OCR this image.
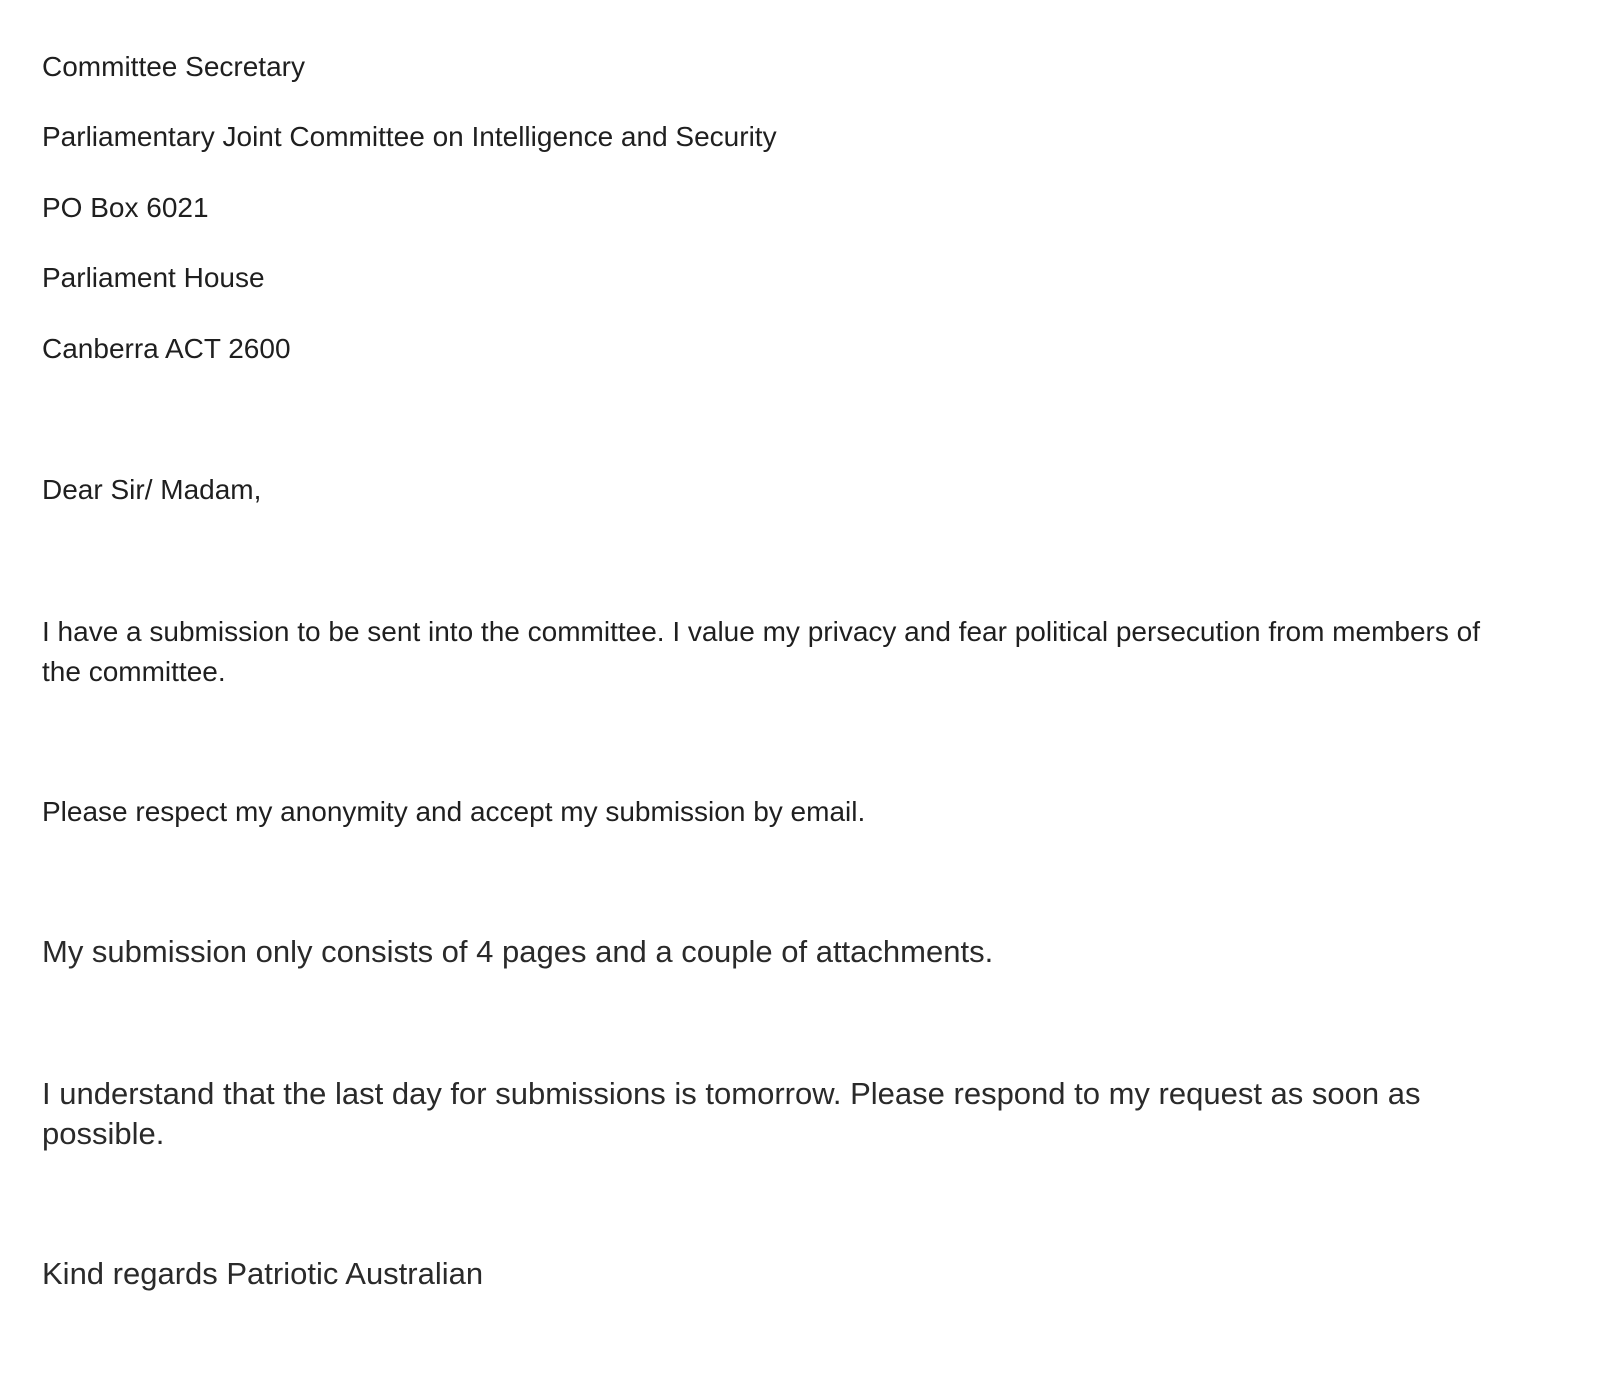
Committee Secretary
Parliamentary Joint Committee on Intelligence and Security
PO Box 6021
Parliament House
Canberra ACT 2600
Dear Sir/ Madam,
I have a submission to be sent into the committee. I value my privacy and fear political persecution from members of the committee.
Please respect my anonymity and accept my submission by email.
My submission only consists of 4 pages and a couple of attachments.
I understand that the last day for submissions is tomorrow. Please respond to my request as soon as possible.
Kind regards Patriotic Australian
